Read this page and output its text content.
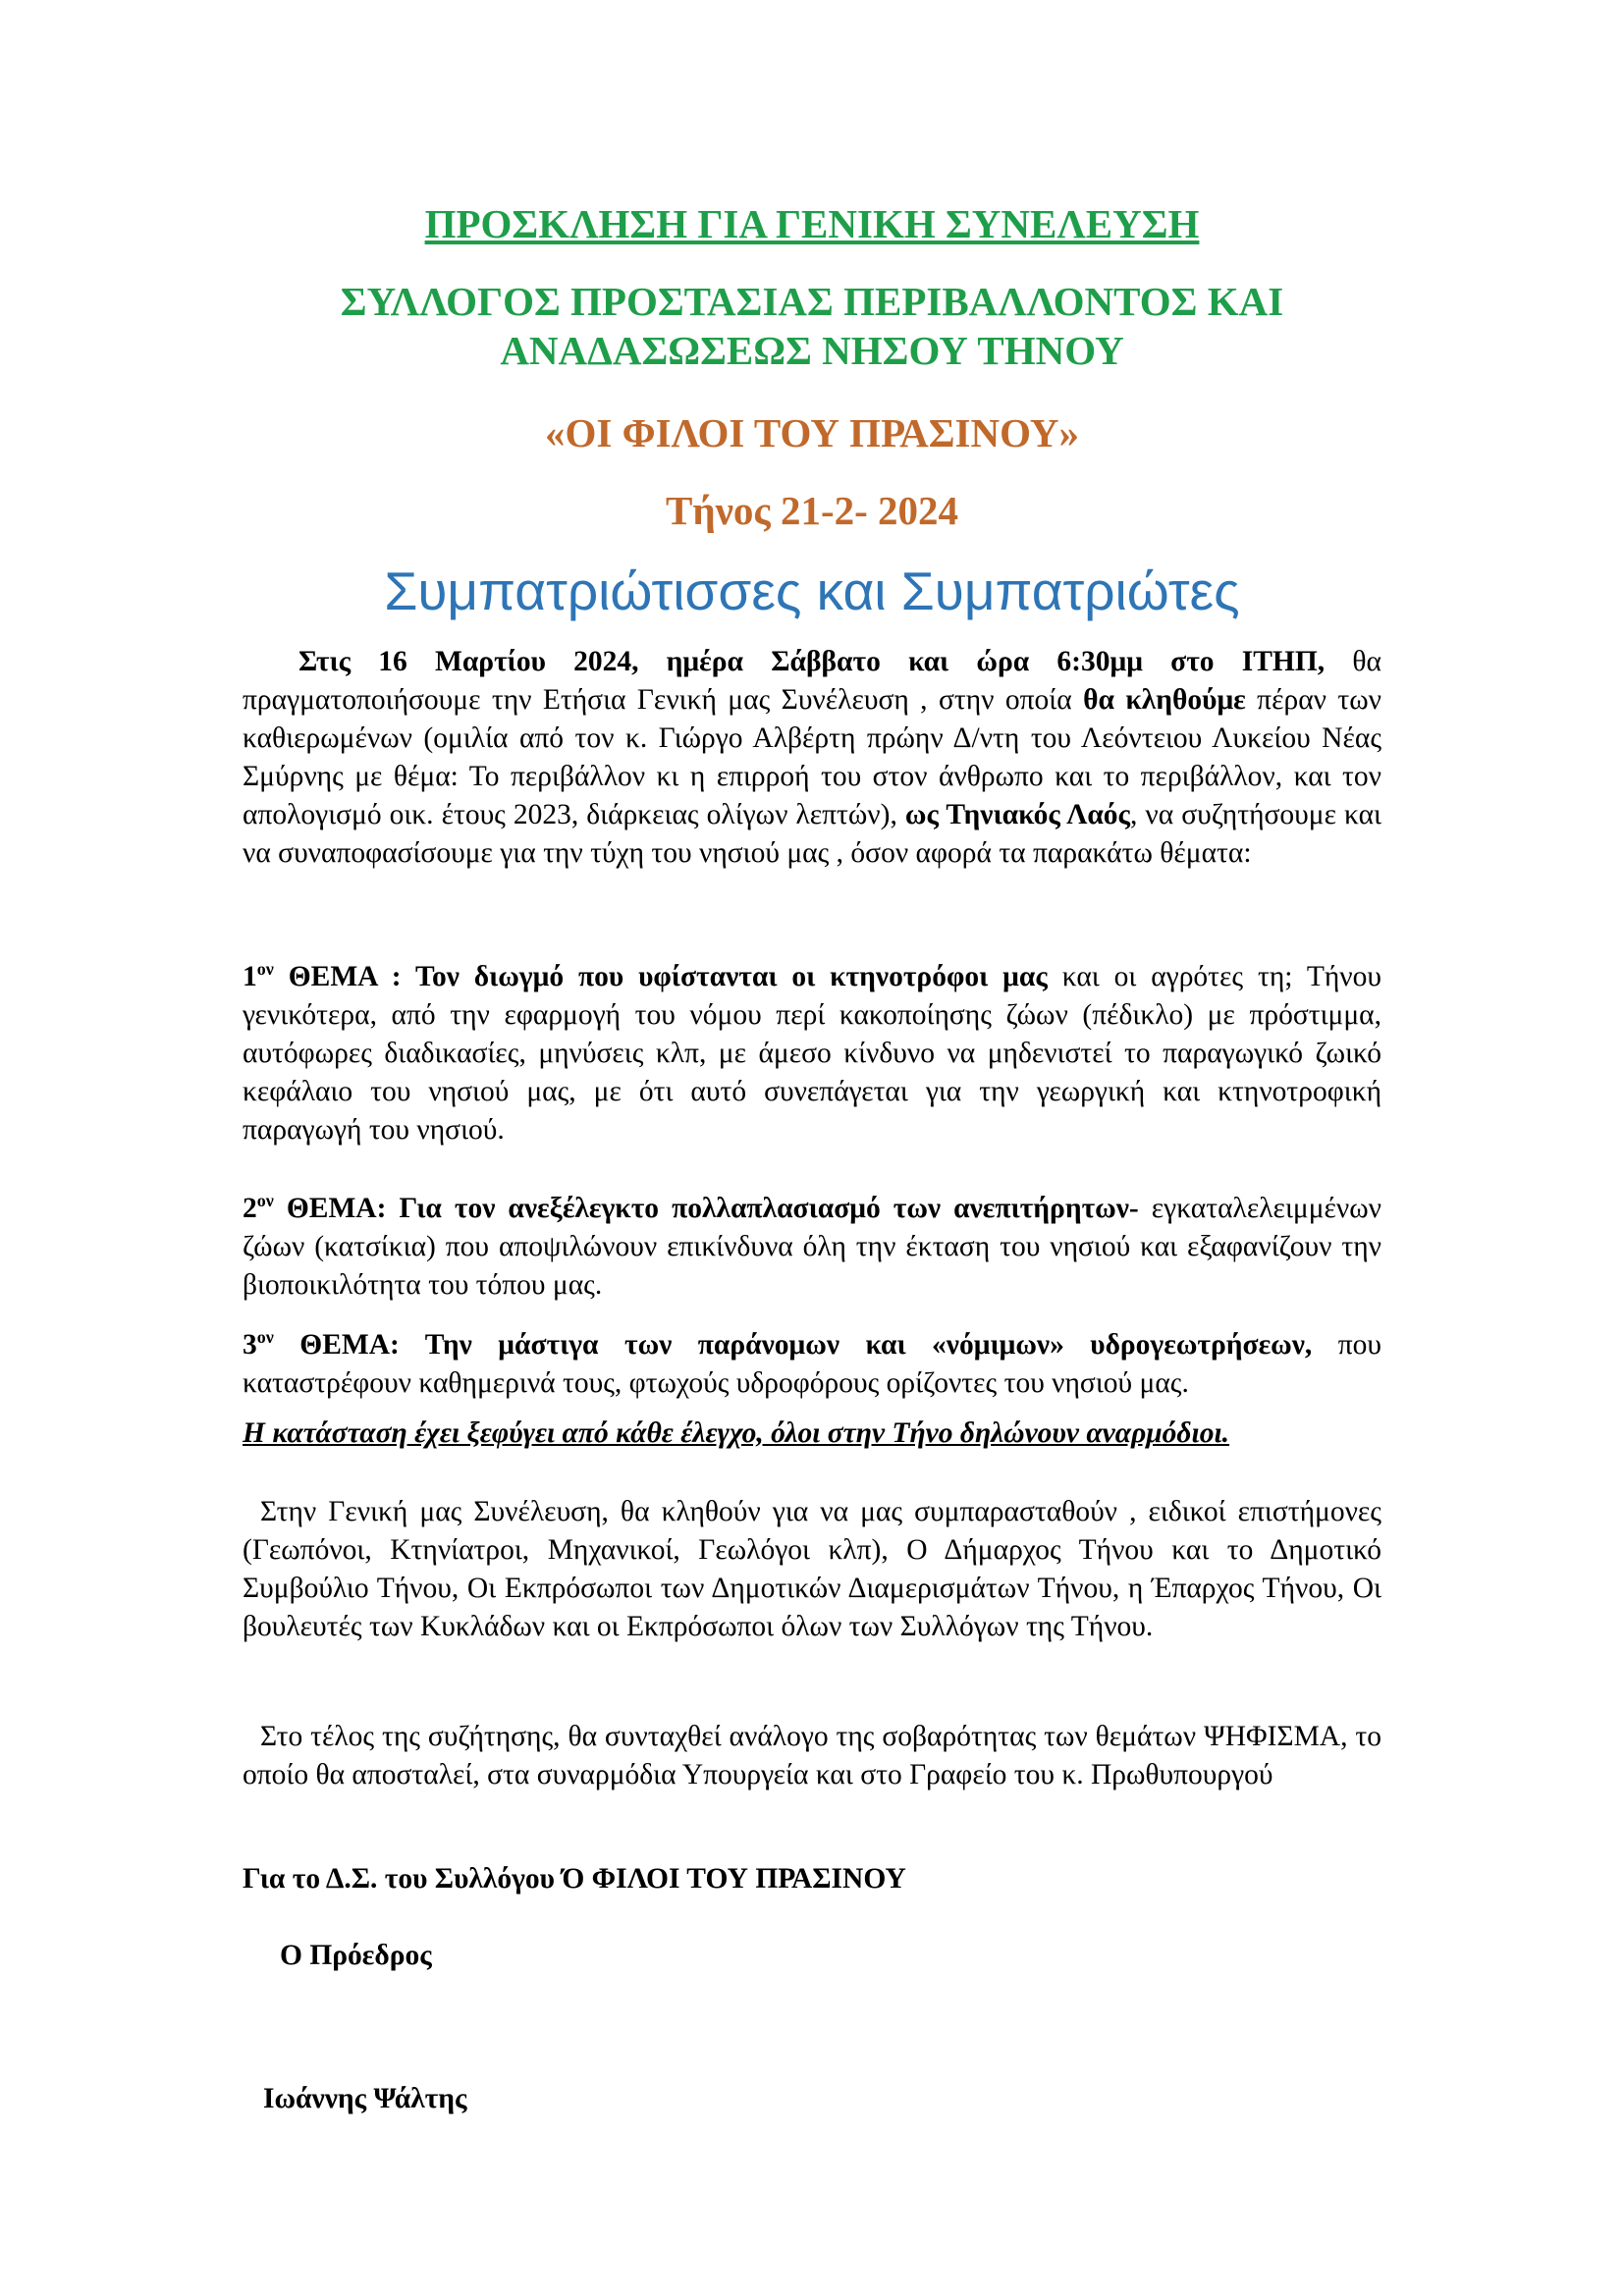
ΠΡΟΣΚΛΗΣΗ ΓΙΑ ΓΕΝΙΚΗ ΣΥΝΕΛΕΥΣΗ

ΣΥΛΛΟΓΟΣ ΠΡΟΣΤΑΣΙΑΣ ΠΕΡΙΒΑΛΛΟΝΤΟΣ ΚΑΙ

ΑΝΑΔΑΣΩΣΕΩΣ ΝΗΣΟΥ ΤΗΝΟΥ

«ΟΙ ΦΙΛΟΙ ΤΟΥ ΠΡΑΣΙΝΟΥ»

Τήνος 21-2- 2024

Συμπατριώτισσες και Συμπατριώτες

Στις 16 Μαρτίου 2024, ημέρα Σάββατο και ώρα 6:30μμ στο ΙΤΗΠ, θα πραγματοποιήσουμε την Ετήσια Γενική μας Συνέλευση , στην οποία θα κληθούμε πέραν των καθιερωμένων (ομιλία από τον κ. Γιώργο Αλβέρτη πρώην Δ/ντη του Λεόντειου Λυκείου Νέας Σμύρνης με θέμα: Το περιβάλλον κι η επιρροή του στον άνθρωπο και το περιβάλλον, και τον απολογισμό οικ. έτους 2023, διάρκειας ολίγων λεπτών), ως Τηνιακός Λαός, να συζητήσουμε και να συναποφασίσουμε για την τύχη του νησιού μας , όσον αφορά τα παρακάτω θέματα:

$1^{o\nu}$ ΘΕΜΑ : Τον διωγμό που υφίστανται οι κτηνοτρόφοι μας και οι αγρότες τη; Τήνου γενικότερα, από την εφαρμογή του νόμου περί κακοποίησης ζώων (πέδικλο) με πρόστιμμα, αυτόφωρες διαδικασίες, μηνύσεις κλπ, με άμεσο κίνδυνο να μηδενιστεί το παραγωγικό ζωικό κεφάλαιο του νησιού μας, με ότι αυτό συνεπάγεται για την γεωργική και κτηνοτροφική παραγωγή του νησιού.

$2^{o\nu}$ ΘΕΜΑ: Για τον ανεξέλεγκτο πολλαπλασιασμό των ανεπιτήρητων- εγκαταλελειμμένων ζώων (κατσίκια) που αποψιλώνουν επικίνδυνα όλη την έκταση του νησιού και εξαφανίζουν την βιοποικιλότητα του τόπου μας.

$3^{o\nu}$ ΘΕΜΑ: Την μάστιγα των παράνομων και «νόμιμων» υδρογεωτρήσεων, που καταστρέφουν καθημερινά τους, φτωχούς υδροφόρους ορίζοντες του νησιού μας.

Η κατάσταση έχει ξεφύγει από κάθε έλεγχο, όλοι στην Τήνο δηλώνουν αναρμόδιοι.

Στην Γενική μας Συνέλευση, θα κληθούν για να μας συμπαρασταθούν , ειδικοί επιστήμονες (Γεωπόνοι, Κτηνίατροι, Μηχανικοί, Γεωλόγοι κλπ), Ο Δήμαρχος Τήνου και το Δημοτικό Συμβούλιο Τήνου, Οι Εκπρόσωποι των Δημοτικών Διαμερισμάτων Τήνου, η Έπαρχος Τήνου, Οι βουλευτές των Κυκλάδων και οι Εκπρόσωποι όλων των Συλλόγων της Τήνου.

Στο τέλος της συζήτησης, θα συνταχθεί ανάλογο της σοβαρότητας των θεμάτων ΨΗΦΙΣΜΑ, το οποίο θα αποσταλεί, στα συναρμόδια Υπουργεία και στο Γραφείο του κ. Πρωθυπουργού

Για το Δ.Σ. του Συλλόγου Ό ΦΙΛΟΙ ΤΟΥ ΠΡΑΣΙΝΟΥ

Ο Πρόεδρος

Ιωάννης Ψάλτης
